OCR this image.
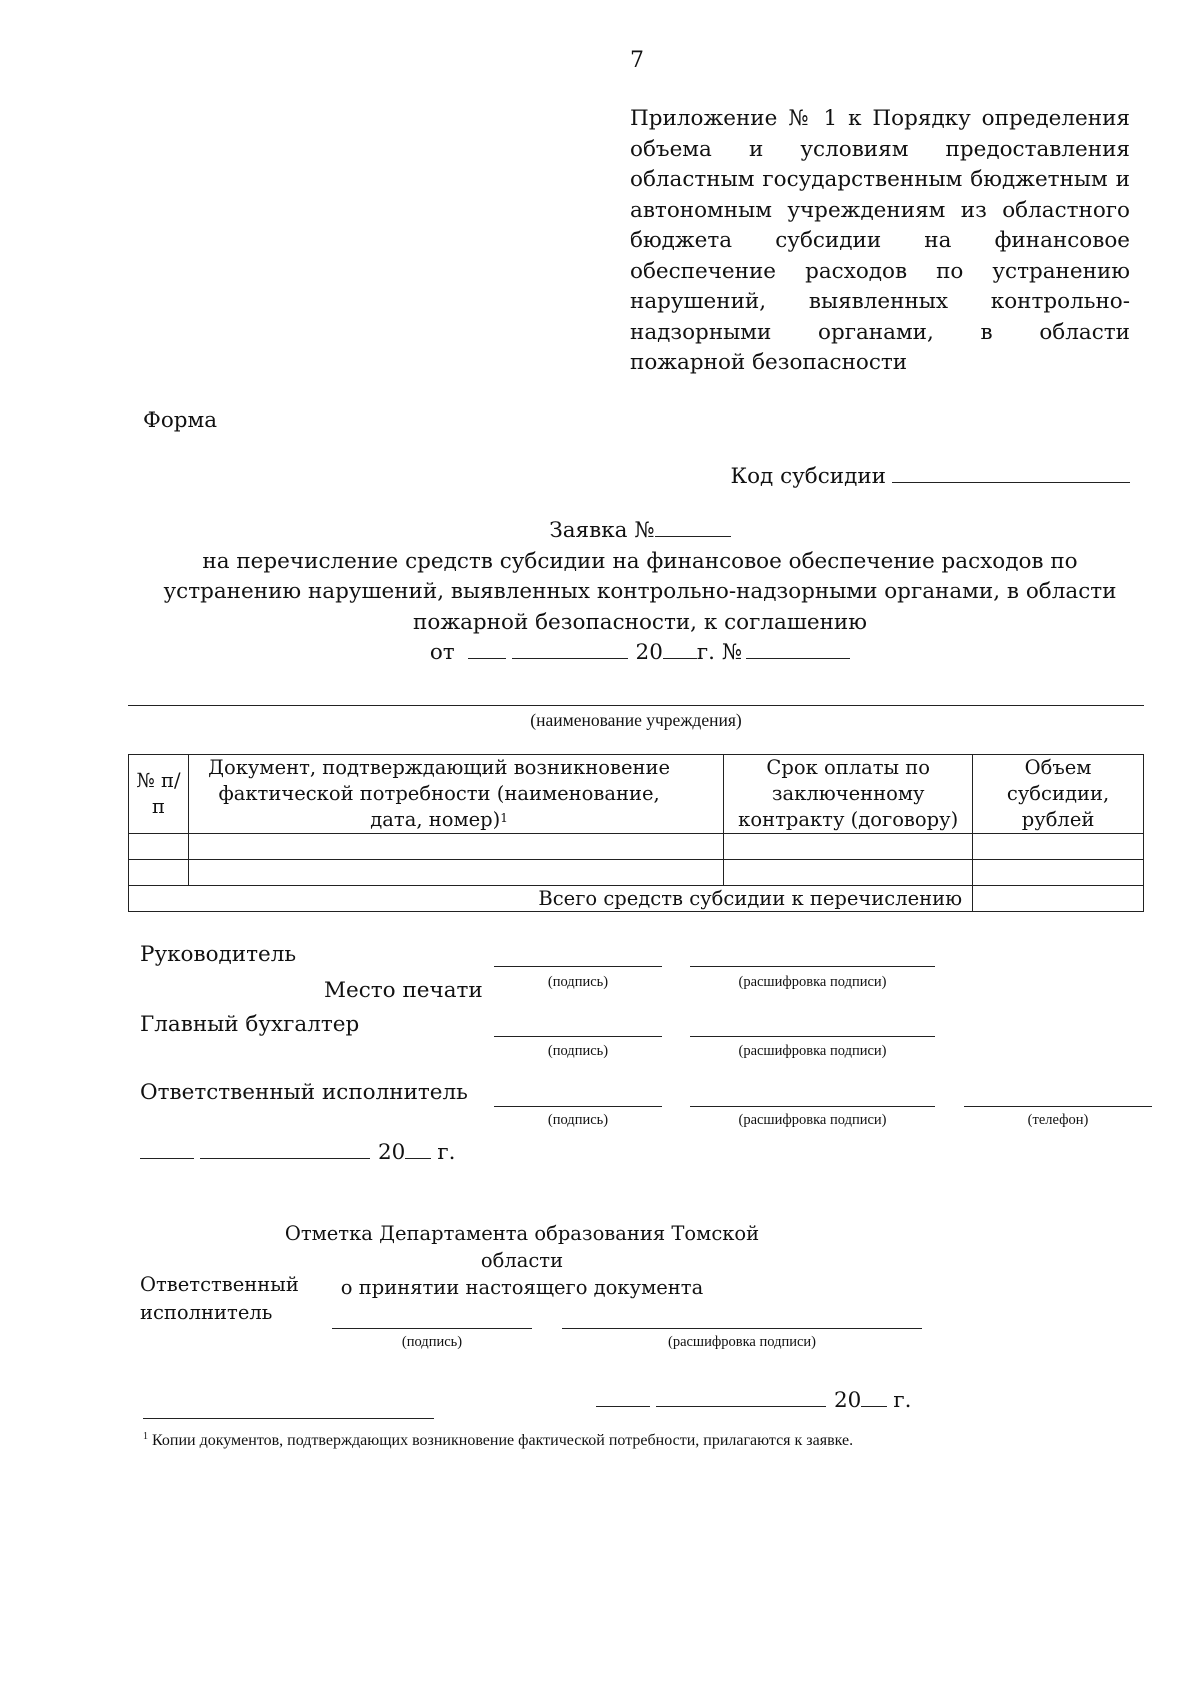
7
Приложение № 1 к Порядку определения объема и условиям предоставления областным государственным бюджетным и автономным учреждениям из областного бюджета субсидии на финансовое обеспечение расходов по устранению нарушений, выявленных контрольно-надзорными органами, в области пожарной безопасности
Форма
Код субсидии
Заявка №
на перечисление средств субсидии на финансовое обеспечение расходов по
устранению нарушений, выявленных контрольно-надзорными органами, в области
пожарной безопасности, к соглашению
от	20 г. №
(наименование учреждения)
№ п/п	Документ, подтверждающий возникновение фактической потребности (наименование, дата, номер)$^1$	Срок оплаты по заключенному контракту (договору)	Объем субсидии, рублей

Всего средств субсидии к перечислению			
Руководитель
(подпись)	(расшифровка подписи)
Место печати
Главный бухгалтер
(подпись)	(расшифровка подписи)
Ответственный исполнитель
(подпись)	(расшифровка подписи)	(телефон)
20 г.
Отметка Департамента образования Томской области
о принятии настоящего документа
Ответственный
исполнитель
(подпись)	(расшифровка подписи)
20 г.
$^1$ Копии документов, подтверждающих возникновение фактической потребности, прилагаются к заявке.
